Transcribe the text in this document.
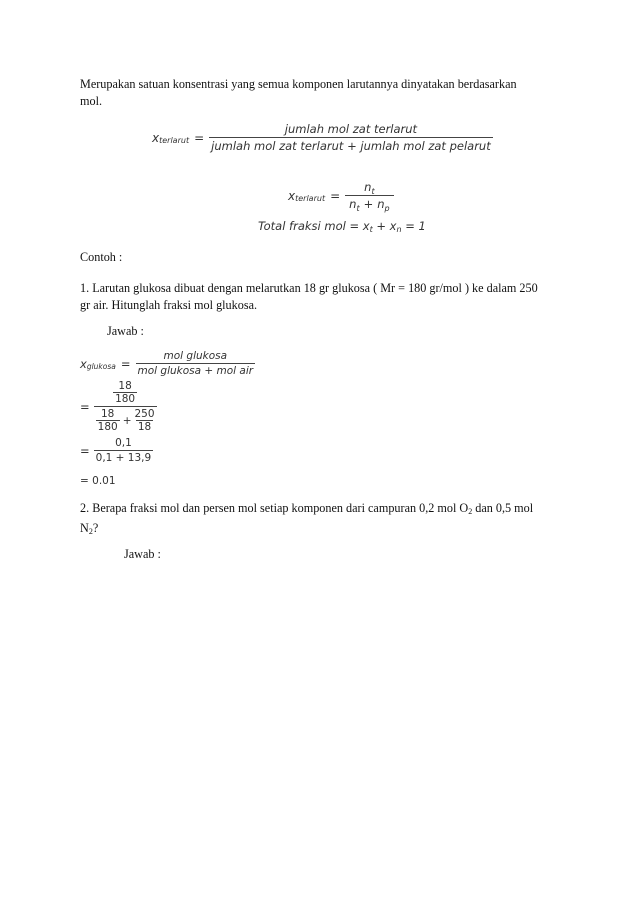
Merupakan satuan konsentrasi yang semua komponen larutannya dinyatakan berdasarkan
mol.
x terlarut = $\frac{\text{jumlah mol zat terlarut}}{\text{jumlah mol zat terlarut + jumlah mol zat pelarut}}$
x terlarut = $\frac{n_t}{n_t + n_p}$
Total fraksi mol = x t + x n = 1
Contoh :
1. Larutan glukosa dibuat dengan melarutkan 18 gr glukosa ( Mr = 180 gr/mol ) ke dalam 250
gr air. Hitunglah fraksi mol glukosa.
Jawab :
x glukosa = $\frac{\text{mol glukosa}}{\text{mol glukosa + mol air}}$
=
18
180
18
180
+ $\frac{250}{18}$
= $\frac{0,1}{0,1 + 13,9}$
= 0.01
2. Berapa fraksi mol dan persen mol setiap komponen dari campuran 0,2 mol O2 dan 0,5 mol
N2?
Jawab :
